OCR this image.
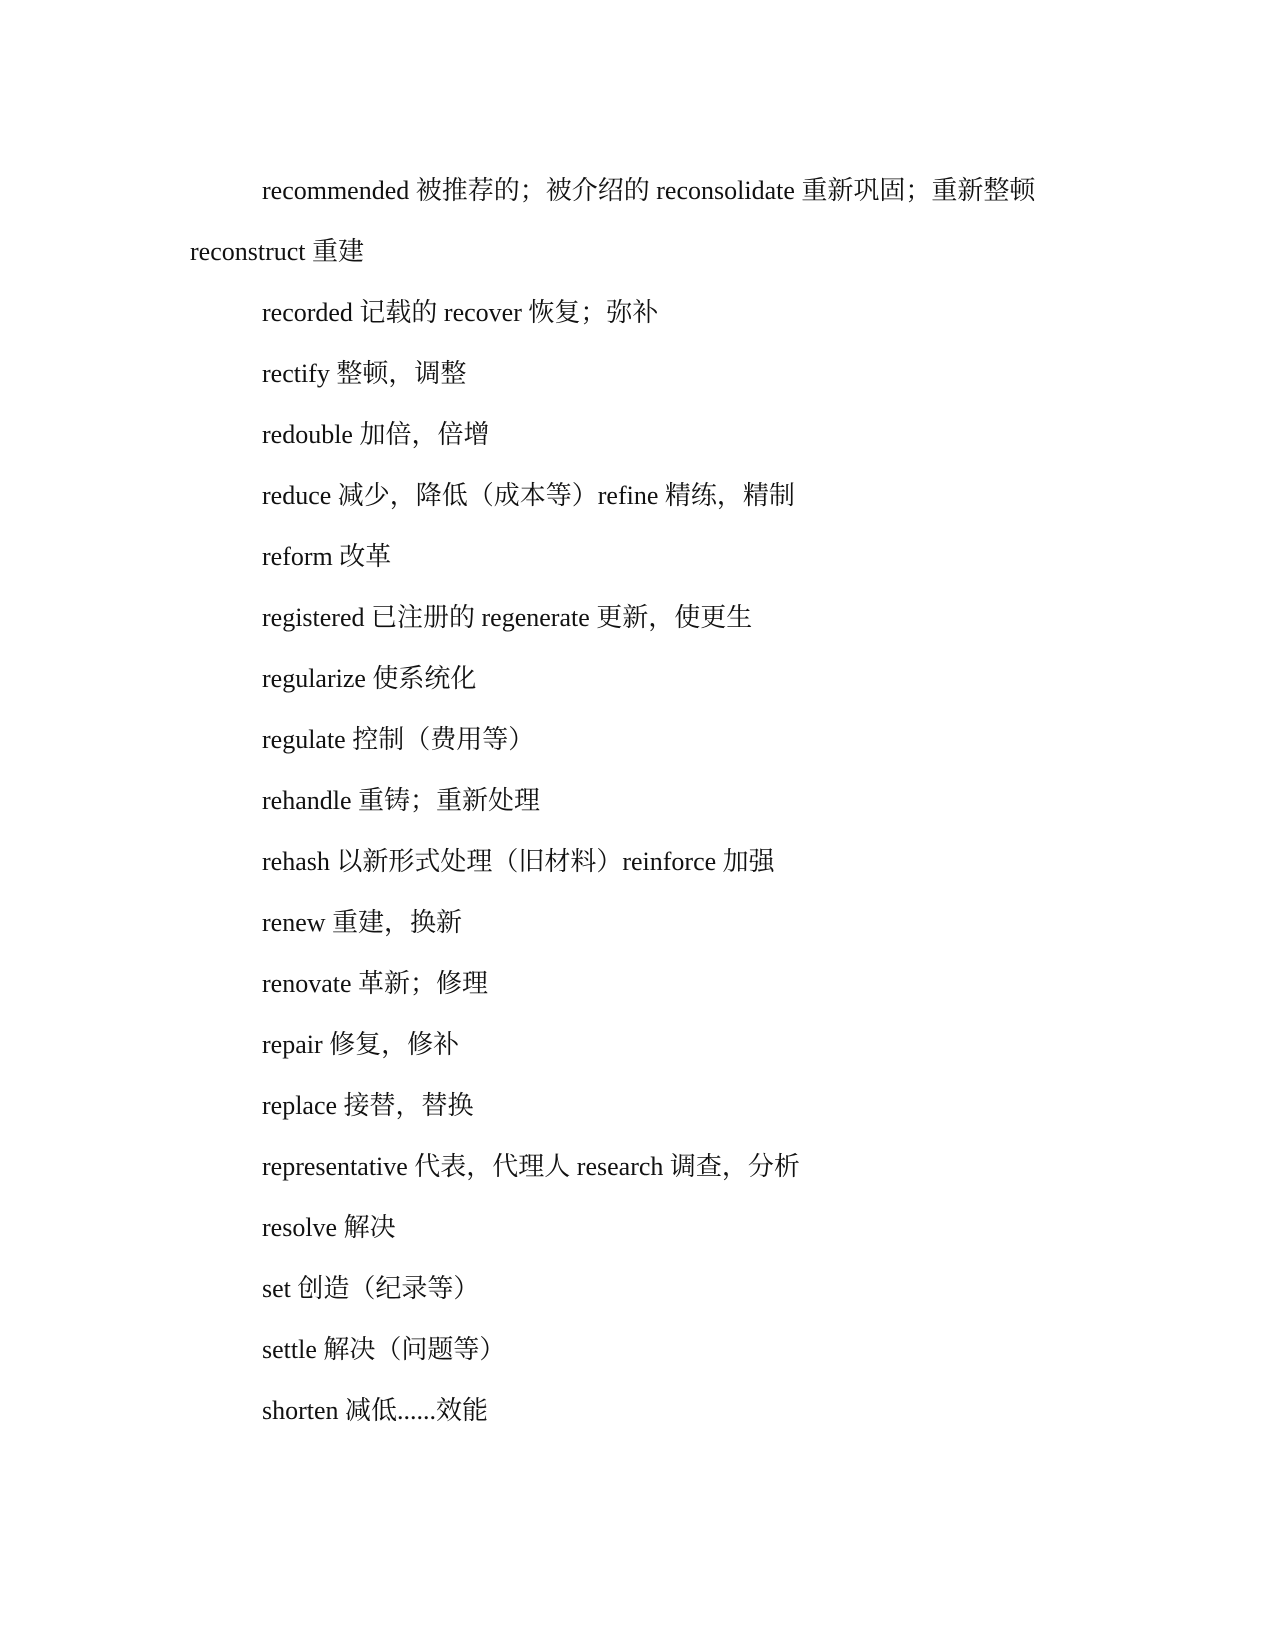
recommended 被推荐的；被介绍的 reconsolidate 重新巩固；重新整顿 reconstruct 重建

recorded 记载的 recover 恢复；弥补

rectify 整顿，调整

redouble 加倍，倍增

reduce 减少，降低（成本等）refine 精练，精制

reform 改革

registered 已注册的 regenerate 更新，使更生

regularize 使系统化

regulate 控制（费用等）

rehandle 重铸；重新处理

rehash 以新形式处理（旧材料）reinforce 加强

renew 重建，换新

renovate 革新；修理

repair 修复，修补

replace 接替，替换

representative 代表，代理人 research 调查，分析

resolve 解决

set 创造（纪录等）

settle 解决（问题等）

shorten 减低......效能
